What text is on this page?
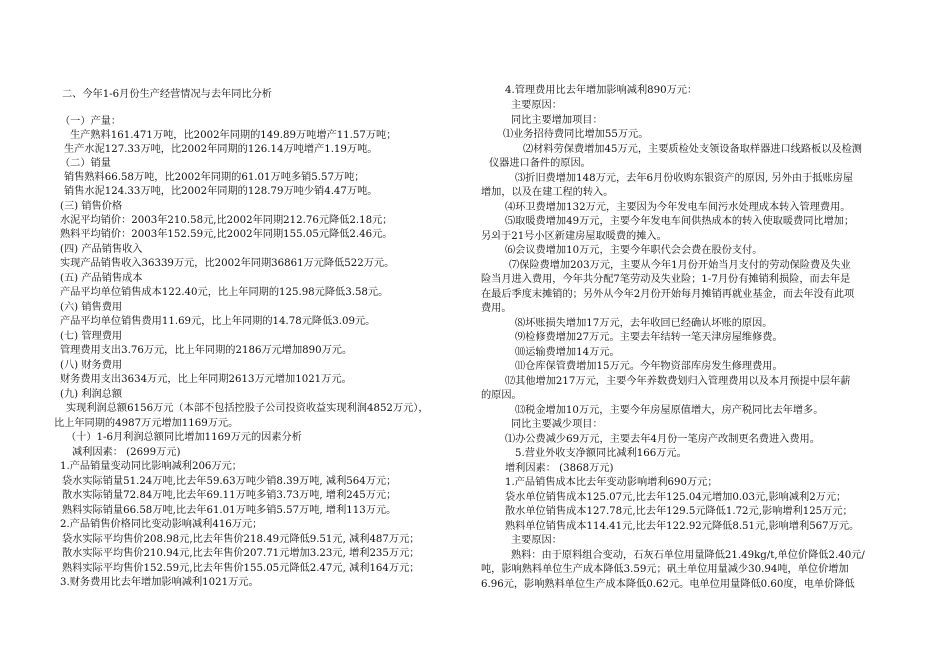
二、今年1-6月份生产经营情况与去年同比分析
（一）产量：
生产熟料161.471万吨，比2002年同期的149.89万吨增产11.57万吨；
生产水泥127.33万吨，比2002年同期的126.14万吨增产1.19万吨。
（二）销量
销售熟料66.58万吨，比2002年同期的61.01万吨多销5.57万吨；
销售水泥124.33万吨，比2002年同期的128.79万吨少销4.47万吨。
(三) 销售价格
水泥平均销价：2003年210.58元,比2002年同期212.76元降低2.18元；
熟料平均销价：2003年152.59元,比2002年同期155.05元降低2.46元。
(四) 产品销售收入
实现产品销售收入36339万元，比2002年同期36861万元降低522万元。
(五) 产品销售成本
产品平均单位销售成本122.40元，比上年同期的125.98元降低3.58元。
(六) 销售费用
产品平均单位销售费用11.69元，比上年同期的14.78元降低3.09元。
(七) 管理费用
管理费用支出3.76万元，比上年同期的2186万元增加890万元。
(八) 财务费用
财务费用支出3634万元，比上年同期2613万元增加1021万元。
(九) 利润总额
实现利润总额6156万元（本部不包括控股子公司投资收益实现利润4852万元），
比上年同期的4987万元增加1169万元。
（十）1-6月利润总额同比增加1169万元的因素分析
减利因素： (2699万元)
1.产品销量变动同比影响减利206万元；
袋水实际销量51.24万吨,比去年59.63万吨少销8.39万吨, 减利564万元；
散水实际销量72.84万吨,比去年69.11万吨多销3.73万吨, 增利245万元；
熟料实际销量66.58万吨,比去年61.01万吨多销5.57万吨, 增利113万元。
2.产品销售价格同比变动影响减利416万元；
袋水实际平均售价208.98元,比去年售价218.49元降低9.51元, 减利487万元；
散水实际平均售价210.94元,比去年售价207.71元增加3.23元, 增利235万元；
熟料实际平均售价152.59元,比去年售价155.05元降低2.47元, 减利164万元；
3.财务费用比去年增加影响减利1021万元。
4.管理费用比去年增加影响减利890万元：
主要原因：
同比主要增加项目：
⑴业务招待费同比增加55万元。
⑵材料劳保费增加45万元，主要质检处支领设备取样器进口线路板以及检测
仪器进口备件的原因。
⑶折旧费增加148万元，去年6月份收购东银资产的原因, 另外由于抵账房屋
增加，以及在建工程的转入。
⑷环卫费增加132万元，主要因为今年发电车间污水处理成本转入管理费用。
⑸取暖费增加49万元，主要今年发电车间供热成本的转入使取暖费同比增加；
另외于21号小区新建房屋取暖费的摊入。
⑹会议费增加10万元，主要今年职代会会费在股份支付。
⑺保险费增加203万元，主要从今年1月份开始当月支付的劳动保险费及失业
险当月进入费用，今年共分配7笔劳动及失业险；1-7月份有摊销利损险，而去年是
在最后季度末摊销的；另外从今年2月份开始每月摊销再就业基金，而去年没有此项
费用。
⑻坏账损失增加17万元，去年收回已经确认坏账的原因。
⑼检修费增加27万元。主要去年结转一笔天津房屋维修费。
⑽运输费增加14万元。
⑾仓库保管费增加15万元。今年物资部库房发生修理费用。
⑿其他增加217万元，主要今年养数费划归入管理费用以及本月预提中层年薪
的原因。
⒀税金增加10万元，主要今年房屋原值增大，房产税同比去年增多。
同比主要减少项目：
⑴办公费减少69万元，主要去年4月份一笔房产改制更名费进入费用。
5.营业外收支净额同比减利166万元。
增利因素： (3868万元)
1.产品销售成本比去年变动影响增利690万元；
袋水单位销售成本125.07元,比去年125.04元增加0.03元,影响减利2万元；
散水单位销售成本127.78元,比去年129.5元降低1.72元,影响增利125万元；
熟料单位销售成本114.41元,比去年122.92元降低8.51元,影响增利567万元。
主要原因：
熟料：由于原料组合变动，石灰石单位用量降低21.49kg/t,单位价降低2.40元/
吨，影响熟料单位生产成本降低3.59元；矾土单位用量减少30.94吨，单位价增加
6.96元，影响熟料单位生产成本降低0.62元。电单位用量降低0.60度，电单价降低
